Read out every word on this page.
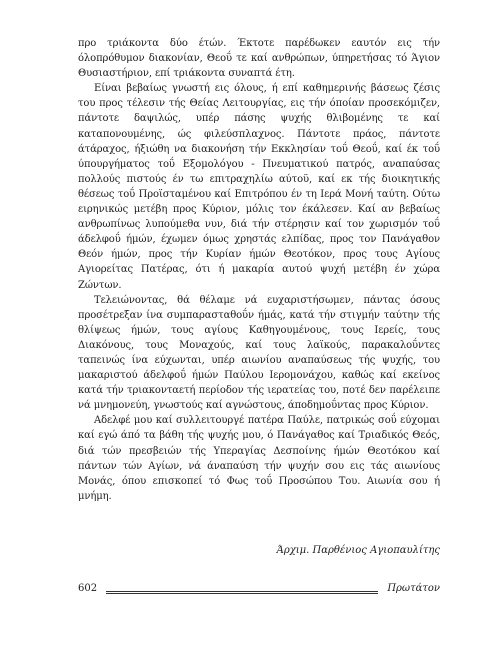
προ τριάκοντα δύο έτών. Έκτοτε παρέδωκεν εαυτόν εις τήν όλοπρόθυμον διακονίαν, Θεοΰ τε καί ανθρώπων, ύπηρετήσας τό Άγιον Θυσιαστήριον, επί τριάκοντα συναπτά έτη.

Είναι βεβαίως γνωστή εις όλους, ή επί καθημερινής βάσεως ζέσις του προς τέλεσιν τής Θείας Λειτουργίας, εις τήν όποίαν προσεκόμιζεν, πάντοτε δαψιλώς, υπέρ πάσης ψυχής θλιβομένης τε καί καταπονουμένης, ώς φιλεύσπλαχνος. Πάντοτε πράος, πάντοτε άτάραχος, ήξιώθη να διακονήση τήν Εκκλησίαν τοΰ Θεοΰ, καί έκ τοΰ ύπουργήματος τοΰ Εξομολόγου - Πνευματικού πατρός, αναπαύσας πολλούς πιστούς έν τω επιτραχηλίω αύτοϋ, καί εκ τής διοικητικής θέσεως τοΰ Προϊσταμένου καί Επιτρόπου έν τη Ιερά Μονή ταύτη. Ούτω ειρηνικώς μετέβη προς Κύριον, μόλις τον έκάλεσεν. Καί αν βεβαίως ανθρωπίνως λυπούμεθα νυν, διά τήν στέρησιν καί τον χωρισμόν τοΰ άδελφοΰ ήμών, έχωμεν όμως χρηστάς ελπίδας, προς τον Πανάγαθον Θεόν ήμών, προς τήν Κυρίαν ήμών Θεοτόκον, προς τους Αγίους Αγιορείτας Πατέρας, ότι ή μακαρία αυτού ψυχή μετέβη έν χώρα Ζώντων.

Τελειώνοντας, θά θέλαμε νά ευχαριστήσωμεν, πάντας όσους προσέτρεξαν ίνα συμπαρασταθοΰν ήμάς, κατά τήν στιγμήν ταύτην τής θλίψεως ήμών, τους αγίους Καθηγουμένους, τους Ιερείς, τους Διακόνους, τους Μοναχούς, καί τους λαϊκούς, παρακαλοΰντες ταπεινώς ίνα εύχωνται, υπέρ αιωνίου αναπαύσεως τής ψυχής, του μακαριστού άδελφοΰ ήμών Παύλου Ιερομονάχου, καθώς καί εκείνος κατά τήν τριακονταετή περίοδον τής ιερατείας του, ποτέ δεν παρέλειπε νά μνημονεύη, γνωστούς καί αγνώστους, άποδημοΰντας προς Κύριον.

Αδελφέ μου καί συλλειτουργέ πατέρα Παύλε, πατρικώς σοΰ εύχομαι καί εγώ άπό τα βάθη τής ψυχής μου, ό Πανάγαθος καί Τριαδικός Θεός, διά τών πρεσβειών τής Υπεραγίας Δεσποίνης ήμών Θεοτόκου καί πάντων τών Αγίων, νά άναπαύση τήν ψυχήν σου εις τάς αιωνίους Μονάς, όπου επισκοπεί τό Φως τοΰ Προσώπου Του. Αιωνία σου ή μνήμη.

Άρχιμ. Παρθένιος Αγιοπαυλίτης
602	Πρωτάτον
